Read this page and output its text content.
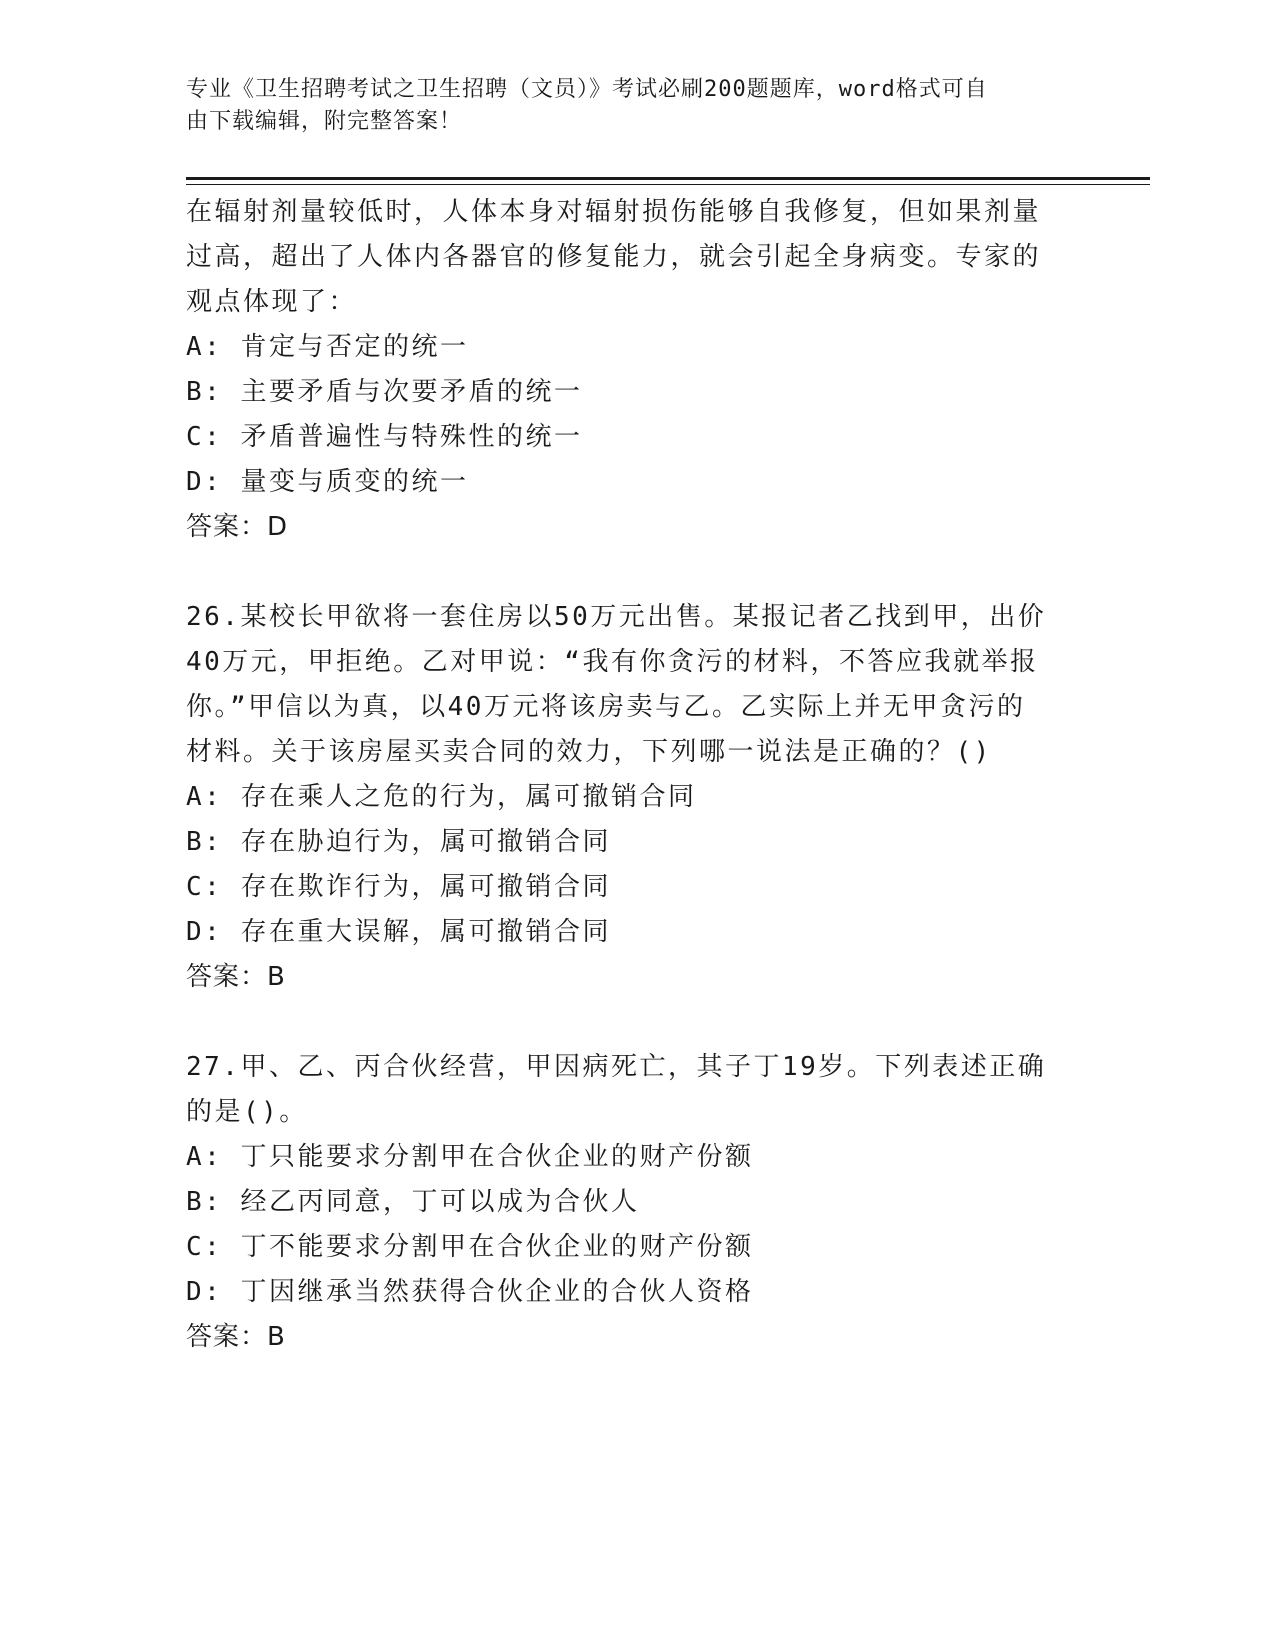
专业《卫生招聘考试之卫生招聘（文员）》考试必刷200题题库，word格式可自
由下载编辑，附完整答案！

在辐射剂量较低时，人体本身对辐射损伤能够自我修复，但如果剂量

过高，超出了人体内各器官的修复能力，就会引起全身病变。专家的

观点体现了：

A: 肯定与否定的统一

B: 主要矛盾与次要矛盾的统一

C: 矛盾普遍性与特殊性的统一

D: 量变与质变的统一

答案：D

26.某校长甲欲将一套住房以50万元出售。某报记者乙找到甲，出价

40万元，甲拒绝。乙对甲说：“我有你贪污的材料，不答应我就举报

你。”甲信以为真，以40万元将该房卖与乙。乙实际上并无甲贪污的

材料。关于该房屋买卖合同的效力，下列哪一说法是正确的？()

A: 存在乘人之危的行为，属可撤销合同

B: 存在胁迫行为，属可撤销合同

C: 存在欺诈行为，属可撤销合同

D: 存在重大误解，属可撤销合同

答案：B

27.甲、乙、丙合伙经营，甲因病死亡，其子丁19岁。下列表述正确

的是()。

A: 丁只能要求分割甲在合伙企业的财产份额

B: 经乙丙同意，丁可以成为合伙人

C: 丁不能要求分割甲在合伙企业的财产份额

D: 丁因继承当然获得合伙企业的合伙人资格

答案：B
